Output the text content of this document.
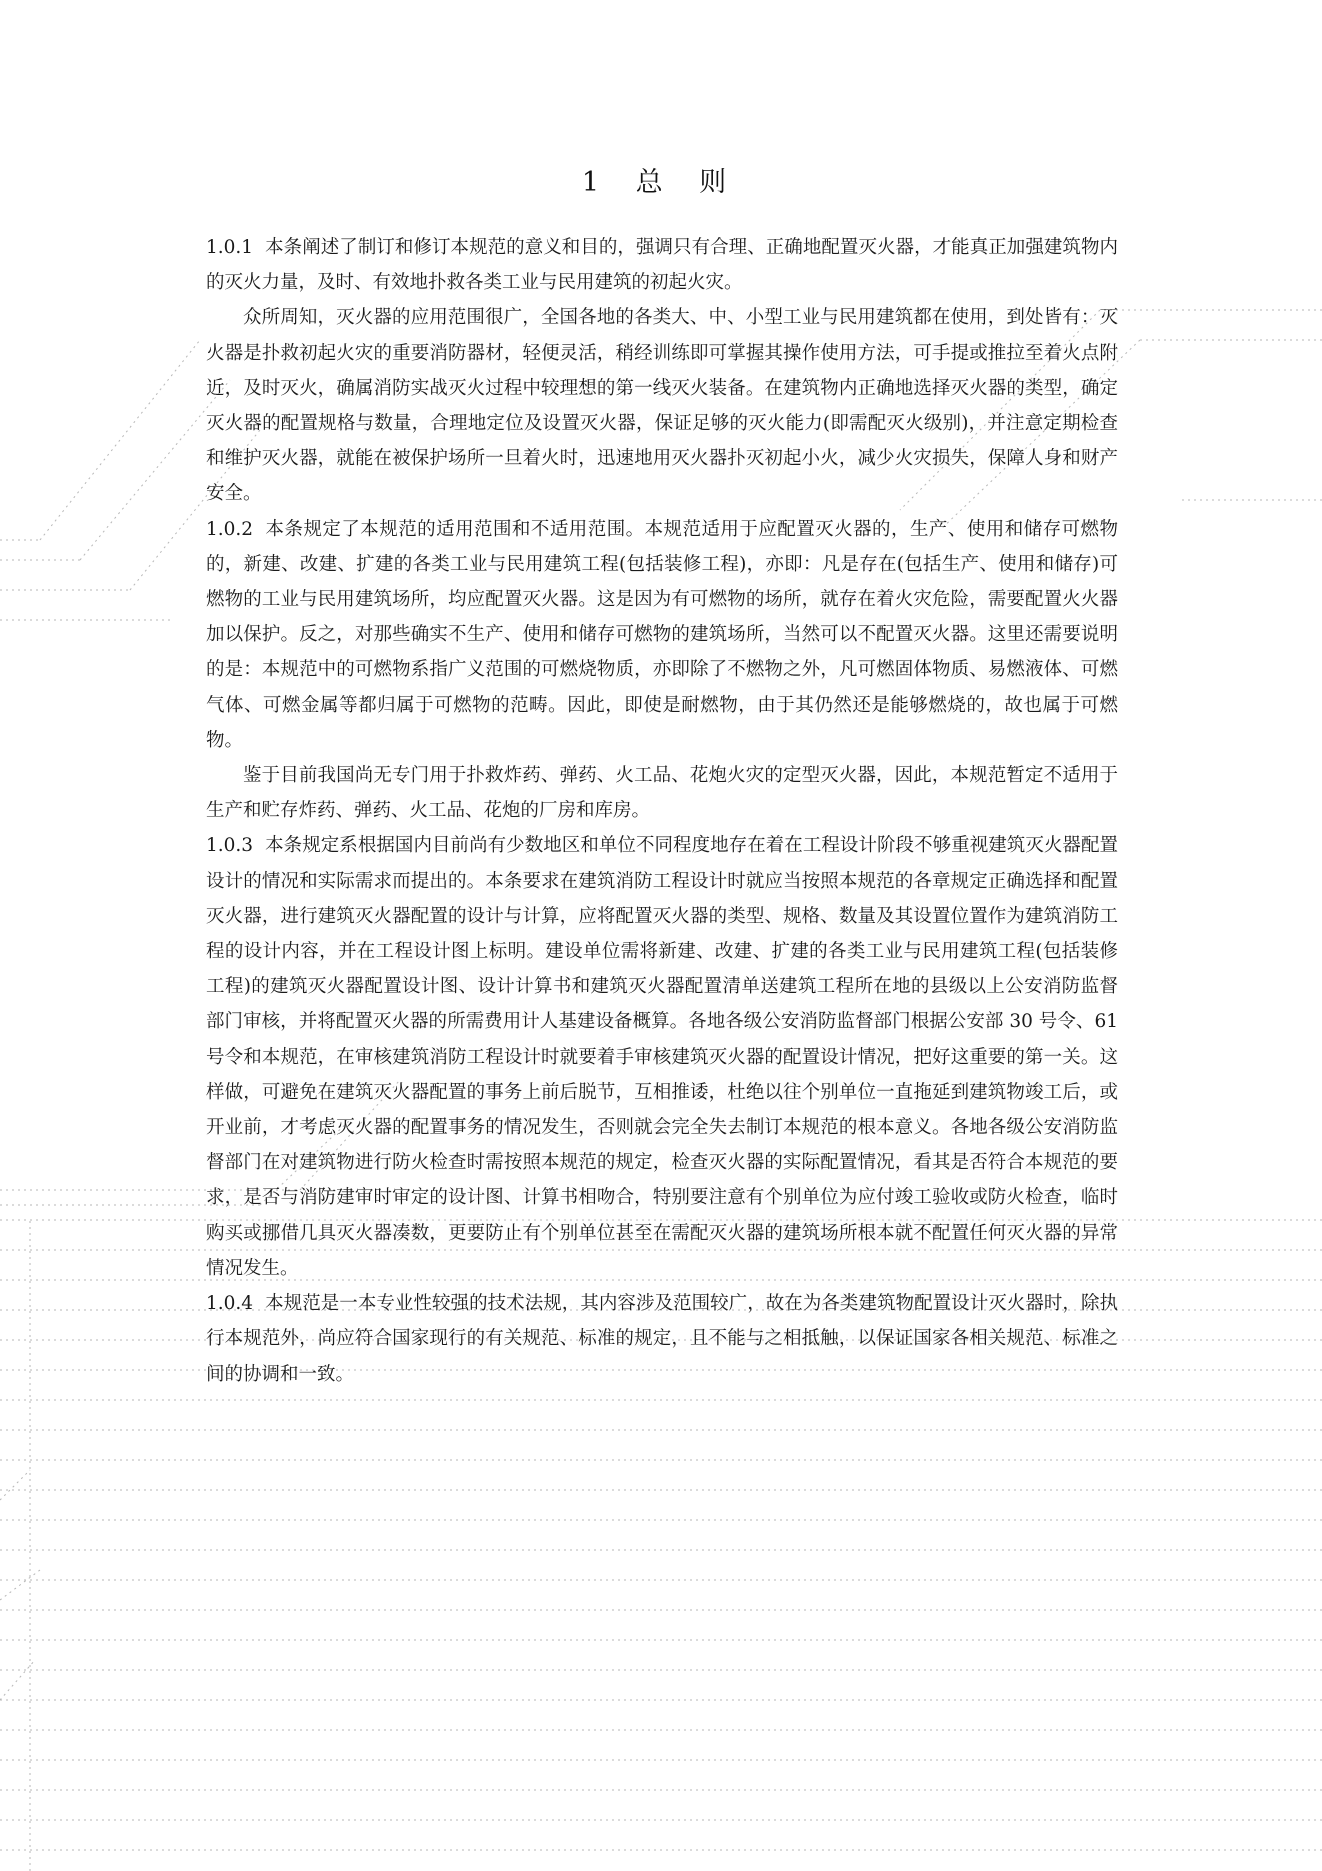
1 总 则

1.0.1 本条阐述了制订和修订本规范的意义和目的，强调只有合理、正确地配置灭火器，才能真正加强建筑物内的灭火力量，及时、有效地扑救各类工业与民用建筑的初起火灾。

众所周知，灭火器的应用范围很广，全国各地的各类大、中、小型工业与民用建筑都在使用，到处皆有：灭火器是扑救初起火灾的重要消防器材，轻便灵活，稍经训练即可掌握其操作使用方法，可手提或推拉至着火点附近，及时灭火，确属消防实战灭火过程中较理想的第一线灭火装备。在建筑物内正确地选择灭火器的类型，确定灭火器的配置规格与数量，合理地定位及设置灭火器，保证足够的灭火能力(即需配灭火级别)，并注意定期检查和维护灭火器，就能在被保护场所一旦着火时，迅速地用灭火器扑灭初起小火，减少火灾损失，保障人身和财产安全。

1.0.2 本条规定了本规范的适用范围和不适用范围。本规范适用于应配置灭火器的，生产、使用和储存可燃物的，新建、改建、扩建的各类工业与民用建筑工程(包括装修工程)，亦即：凡是存在(包括生产、使用和储存)可燃物的工业与民用建筑场所，均应配置灭火器。这是因为有可燃物的场所，就存在着火灾危险，需要配置火火器加以保护。反之，对那些确实不生产、使用和储存可燃物的建筑场所，当然可以不配置灭火器。这里还需要说明的是：本规范中的可燃物系指广义范围的可燃烧物质，亦即除了不燃物之外，凡可燃固体物质、易燃液体、可燃气体、可燃金属等都归属于可燃物的范畴。因此，即使是耐燃物，由于其仍然还是能够燃烧的，故也属于可燃物。

鉴于目前我国尚无专门用于扑救炸药、弹药、火工品、花炮火灾的定型灭火器，因此，本规范暂定不适用于生产和贮存炸药、弹药、火工品、花炮的厂房和库房。

1.0.3 本条规定系根据国内目前尚有少数地区和单位不同程度地存在着在工程设计阶段不够重视建筑灭火器配置设计的情况和实际需求而提出的。本条要求在建筑消防工程设计时就应当按照本规范的各章规定正确选择和配置灭火器，进行建筑灭火器配置的设计与计算，应将配置灭火器的类型、规格、数量及其设置位置作为建筑消防工程的设计内容，并在工程设计图上标明。建设单位需将新建、改建、扩建的各类工业与民用建筑工程(包括装修工程)的建筑灭火器配置设计图、设计计算书和建筑灭火器配置清单送建筑工程所在地的县级以上公安消防监督部门审核，并将配置灭火器的所需费用计人基建设备概算。各地各级公安消防监督部门根据公安部 30 号令、61 号令和本规范，在审核建筑消防工程设计时就要着手审核建筑灭火器的配置设计情况，把好这重要的第一关。这样做，可避免在建筑灭火器配置的事务上前后脱节，互相推诿，杜绝以往个别单位一直拖延到建筑物竣工后，或开业前，才考虑灭火器的配置事务的情况发生，否则就会完全失去制订本规范的根本意义。各地各级公安消防监督部门在对建筑物进行防火检查时需按照本规范的规定，检查灭火器的实际配置情况，看其是否符合本规范的要求，是否与消防建审时审定的设计图、计算书相吻合，特别要注意有个别单位为应付竣工验收或防火检查，临时购买或挪借几具灭火器凑数，更要防止有个别单位甚至在需配灭火器的建筑场所根本就不配置任何灭火器的异常情况发生。

1.0.4 本规范是一本专业性较强的技术法规，其内容涉及范围较广，故在为各类建筑物配置设计灭火器时，除执行本规范外，尚应符合国家现行的有关规范、标准的规定，且不能与之相抵触，以保证国家各相关规范、标准之间的协调和一致。
